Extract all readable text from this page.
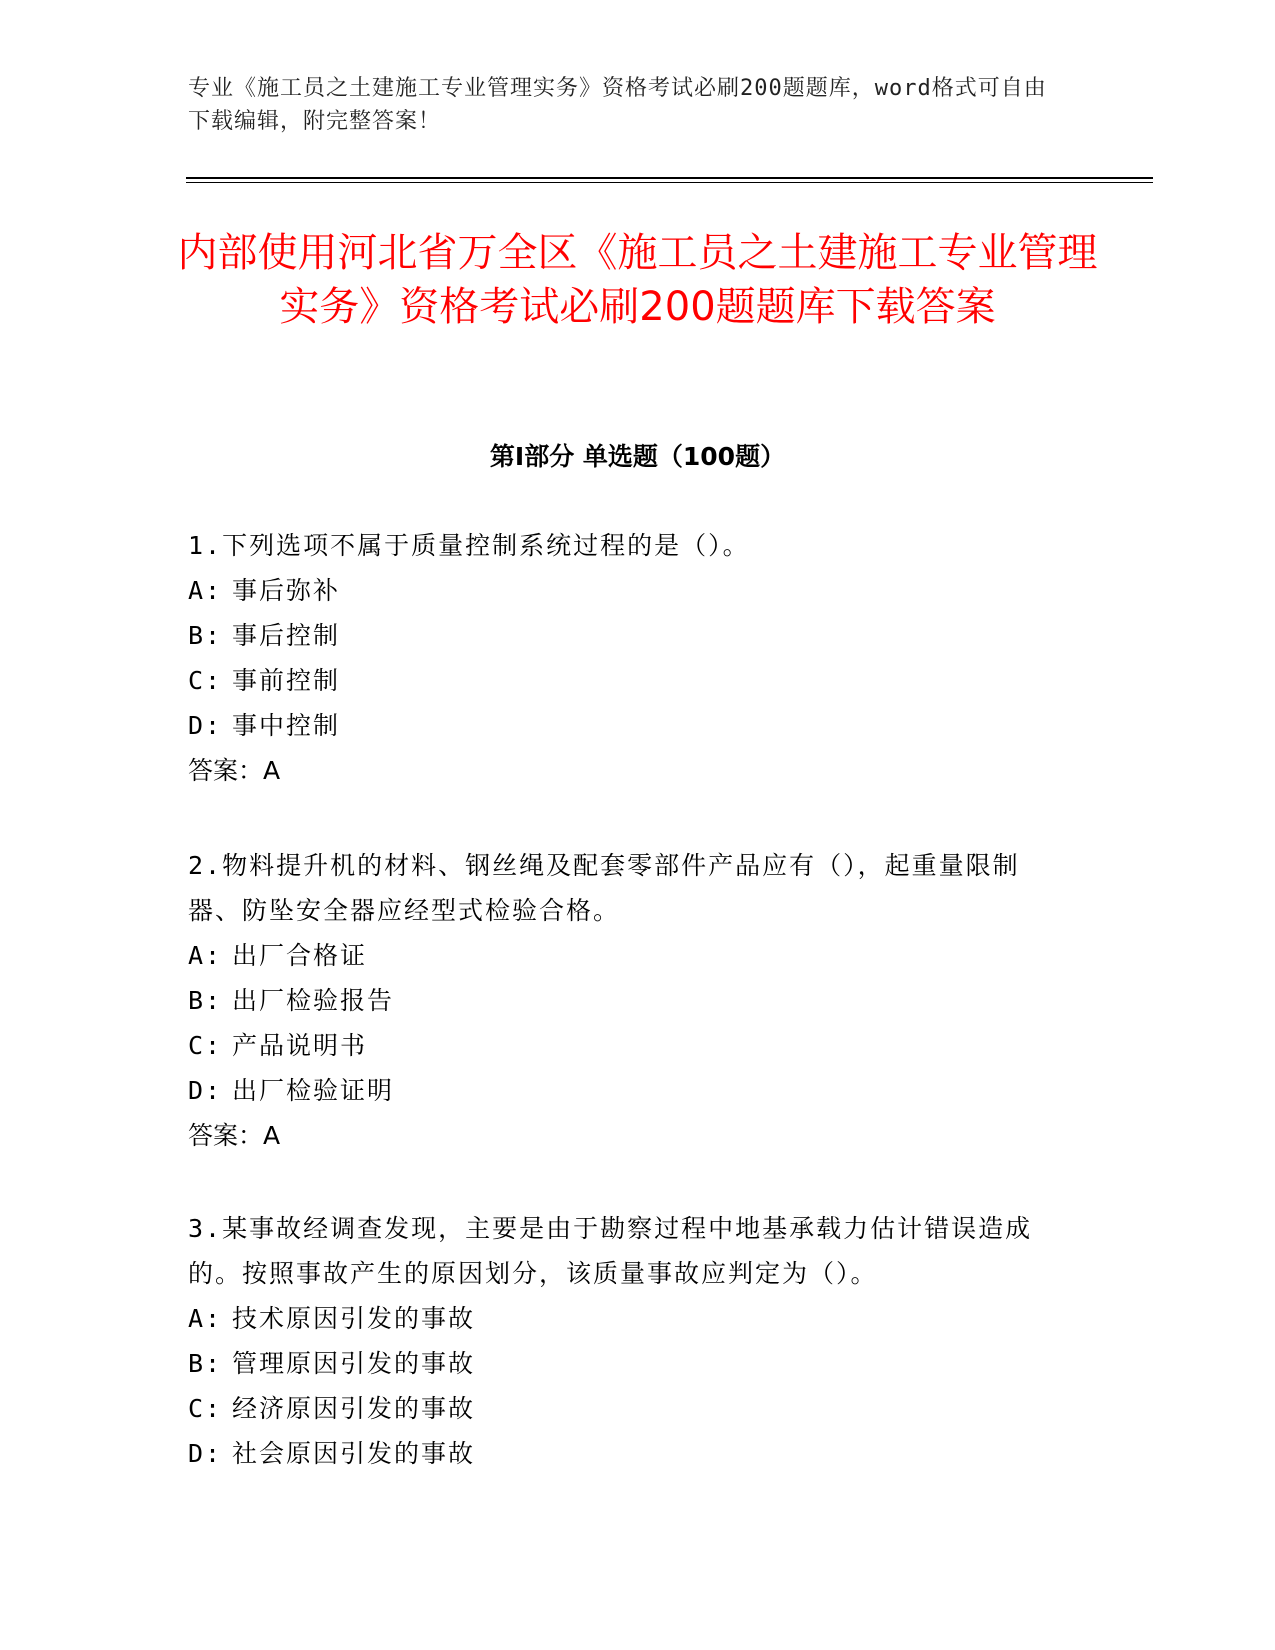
专业《施工员之土建施工专业管理实务》资格考试必刷200题题库，word格式可自由下载编辑，附完整答案！
内部使用河北省万全区《施工员之土建施工专业管理实务》资格考试必刷200题题库下载答案
第I部分 单选题（100题）

1.下列选项不属于质量控制系统过程的是（）。

A: 事后弥补

B: 事后控制

C: 事前控制

D: 事中控制

答案：A

2.物料提升机的材料、钢丝绳及配套零部件产品应有（），起重量限制器、防坠安全器应经型式检验合格。

A: 出厂合格证

B: 出厂检验报告

C: 产品说明书

D: 出厂检验证明

答案：A

3.某事故经调查发现，主要是由于勘察过程中地基承载力估计错误造成的。按照事故产生的原因划分，该质量事故应判定为（）。

A: 技术原因引发的事故

B: 管理原因引发的事故

C: 经济原因引发的事故

D: 社会原因引发的事故
